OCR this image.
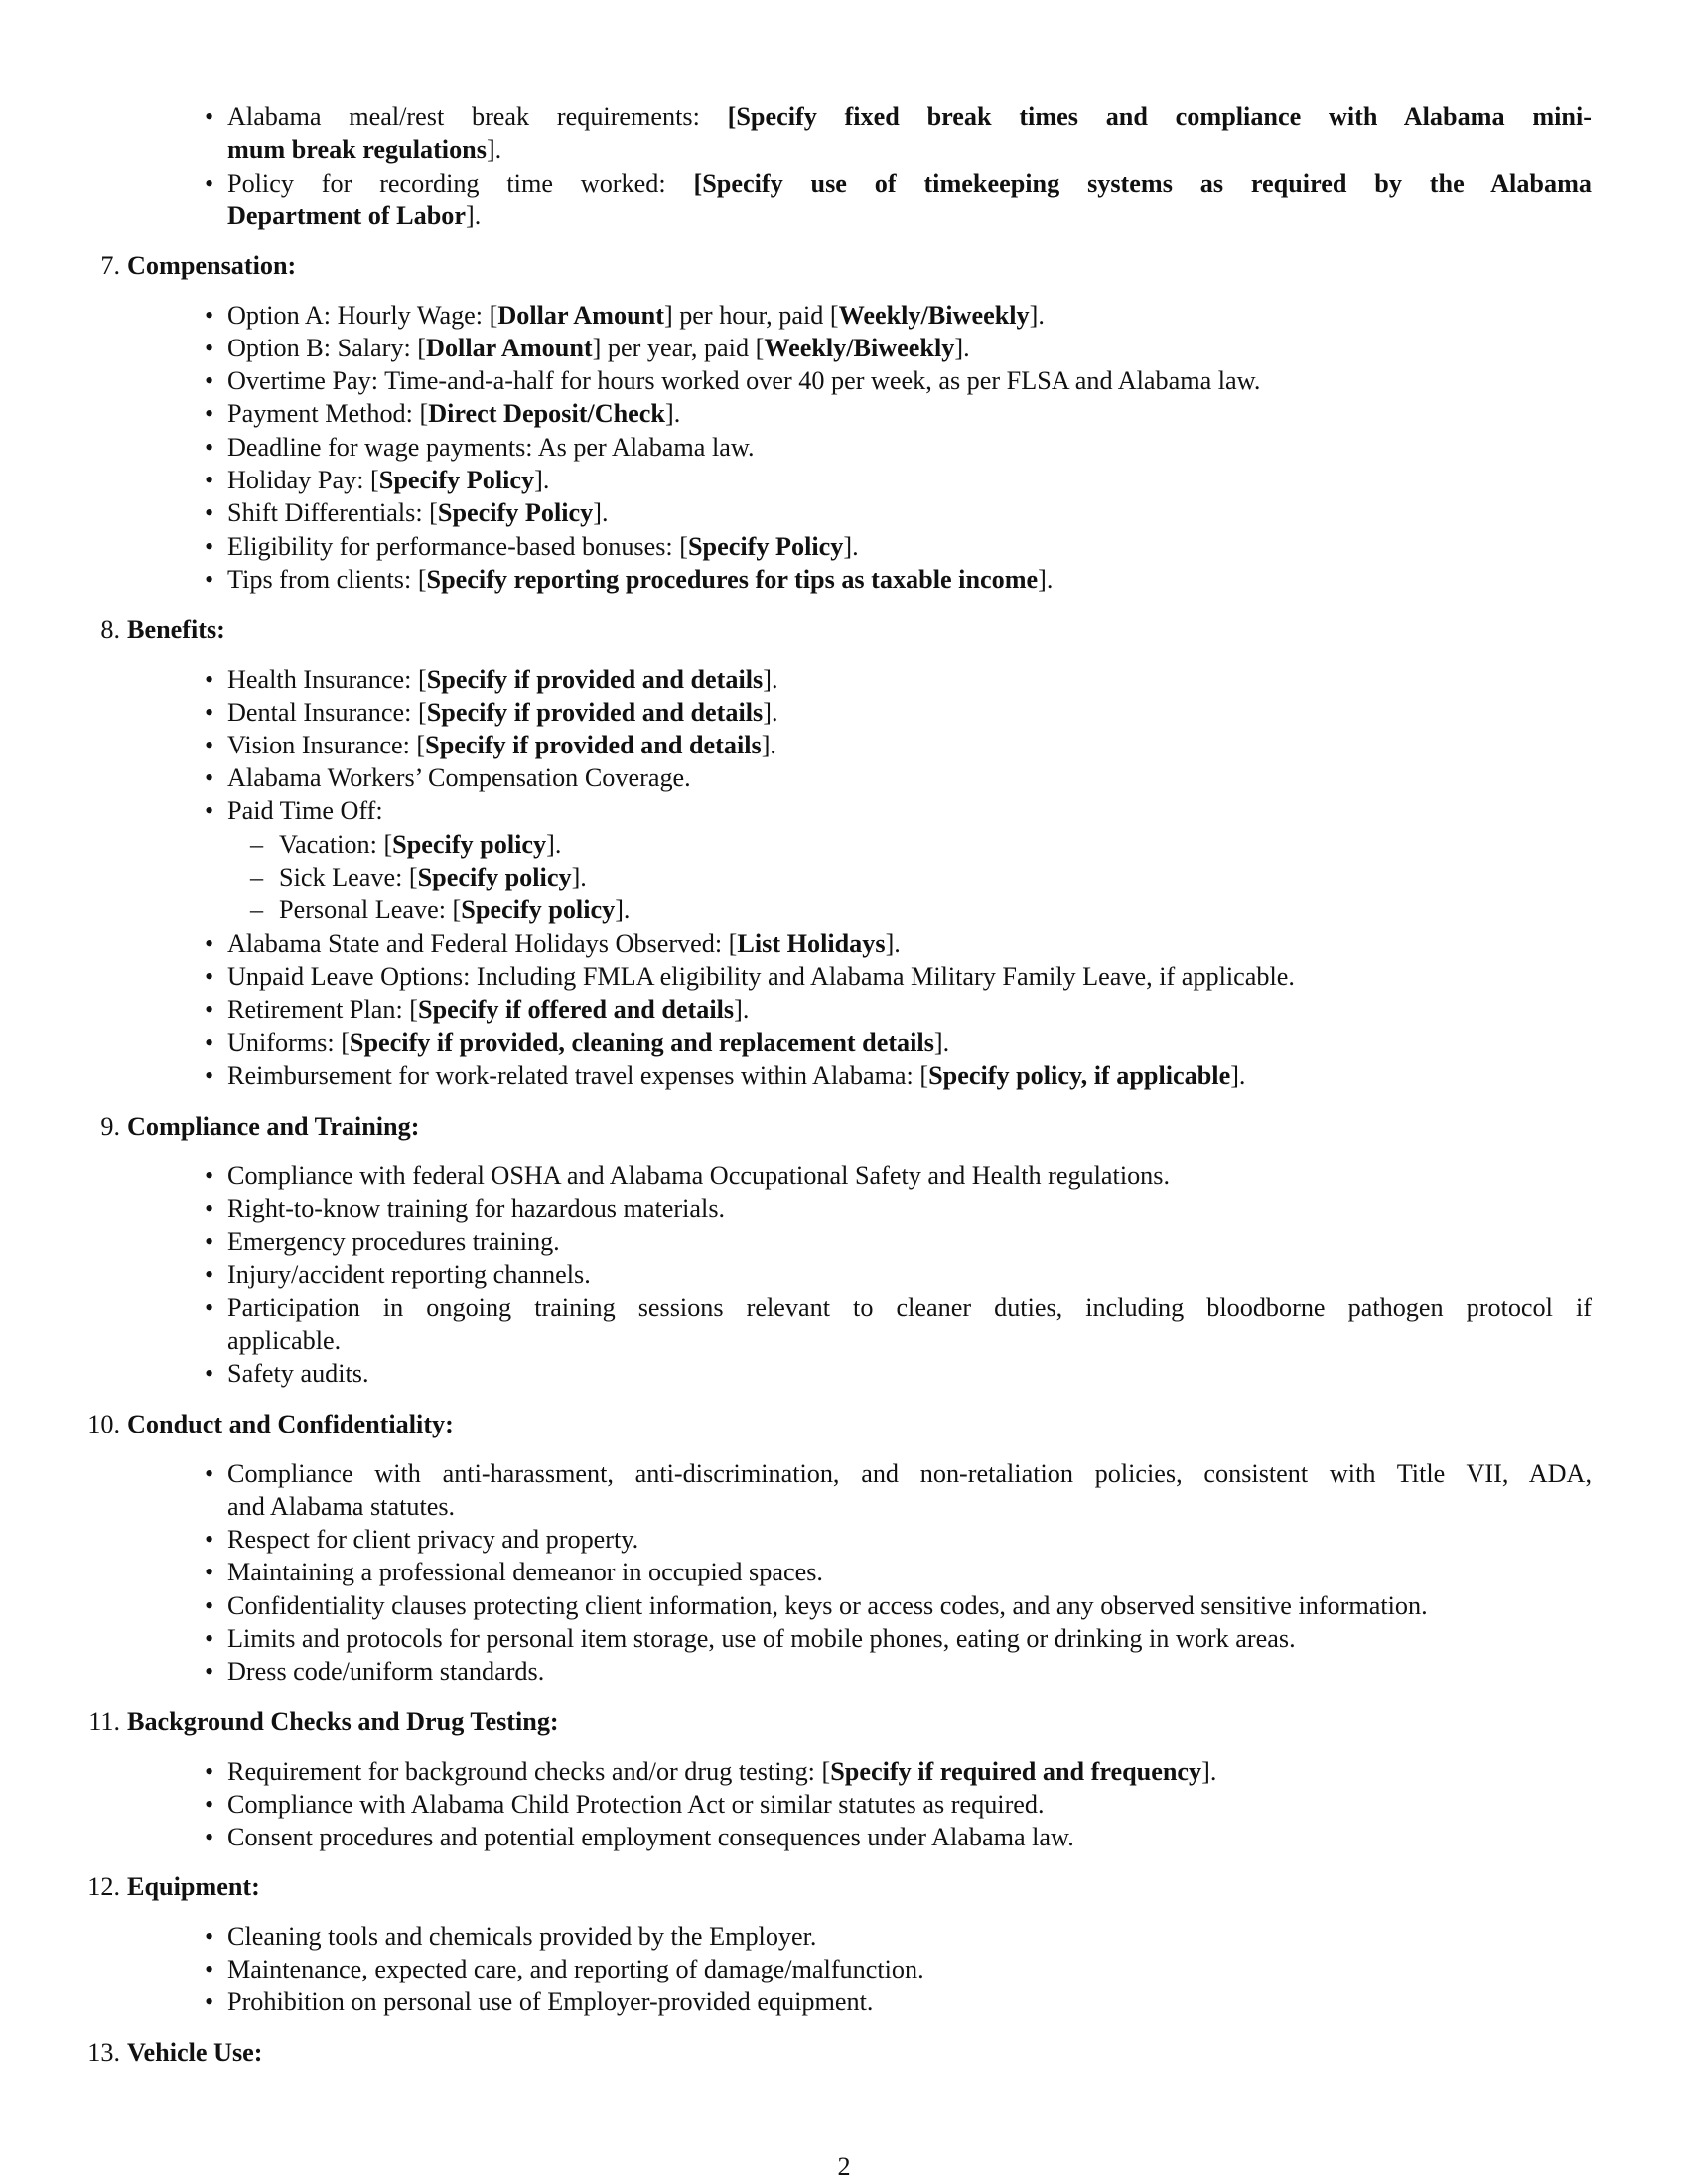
• Alabama meal/rest break requirements: [Specify fixed break times and compliance with Alabama mini-
mum break regulations].
• Policy for recording time worked: [Specify use of timekeeping systems as required by the Alabama
Department of Labor].
7. Compensation:
• Option A: Hourly Wage: [Dollar Amount] per hour, paid [Weekly/Biweekly].
• Option B: Salary: [Dollar Amount] per year, paid [Weekly/Biweekly].
• Overtime Pay: Time-and-a-half for hours worked over 40 per week, as per FLSA and Alabama law.
• Payment Method: [Direct Deposit/Check].
• Deadline for wage payments: As per Alabama law.
• Holiday Pay: [Specify Policy].
• Shift Differentials: [Specify Policy].
• Eligibility for performance-based bonuses: [Specify Policy].
• Tips from clients: [Specify reporting procedures for tips as taxable income].
8. Benefits:
• Health Insurance: [Specify if provided and details].
• Dental Insurance: [Specify if provided and details].
• Vision Insurance: [Specify if provided and details].
• Alabama Workers’ Compensation Coverage.
• Paid Time Off:
– Vacation: [Specify policy].
– Sick Leave: [Specify policy].
– Personal Leave: [Specify policy].
• Alabama State and Federal Holidays Observed: [List Holidays].
• Unpaid Leave Options: Including FMLA eligibility and Alabama Military Family Leave, if applicable.
• Retirement Plan: [Specify if offered and details].
• Uniforms: [Specify if provided, cleaning and replacement details].
• Reimbursement for work-related travel expenses within Alabama: [Specify policy, if applicable].
9. Compliance and Training:
• Compliance with federal OSHA and Alabama Occupational Safety and Health regulations.
• Right-to-know training for hazardous materials.
• Emergency procedures training.
• Injury/accident reporting channels.
• Participation in ongoing training sessions relevant to cleaner duties, including bloodborne pathogen protocol if
applicable.
• Safety audits.
10. Conduct and Confidentiality:
• Compliance with anti-harassment, anti-discrimination, and non-retaliation policies, consistent with Title VII, ADA,
and Alabama statutes.
• Respect for client privacy and property.
• Maintaining a professional demeanor in occupied spaces.
• Confidentiality clauses protecting client information, keys or access codes, and any observed sensitive information.
• Limits and protocols for personal item storage, use of mobile phones, eating or drinking in work areas.
• Dress code/uniform standards.
11. Background Checks and Drug Testing:
• Requirement for background checks and/or drug testing: [Specify if required and frequency].
• Compliance with Alabama Child Protection Act or similar statutes as required.
• Consent procedures and potential employment consequences under Alabama law.
12. Equipment:
• Cleaning tools and chemicals provided by the Employer.
• Maintenance, expected care, and reporting of damage/malfunction.
• Prohibition on personal use of Employer-provided equipment.
13. Vehicle Use:
2
